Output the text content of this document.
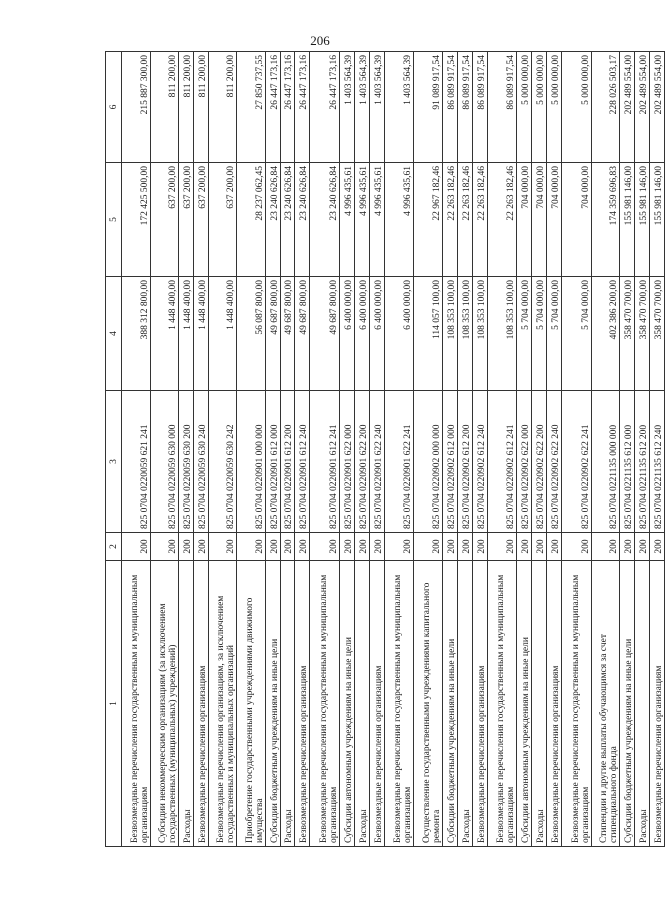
206
1	2	3	4	5	6
Безвозмездные перечисления государственным и муниципальным организациям	200	825 0704 0220059 621 241	388 312 800,00	172 425 500,00	215 887 300,00
Субсидии некоммерческим организациям (за исключением государственных (муниципальных) учреждений)	200	825 0704 0220059 630 000	1 448 400,00	637 200,00	811 200,00
Расходы	200	825 0704 0220059 630 200	1 448 400,00	637 200,00	811 200,00
Безвозмездные перечисления организациям	200	825 0704 0220059 630 240	1 448 400,00	637 200,00	811 200,00
Безвозмездные перечисления организациям, за исключением государственных и муниципальных организаций	200	825 0704 0220059 630 242	1 448 400,00	637 200,00	811 200,00
Приобретение государственными учреждениями движимого имущества	200	825 0704 0220901 000 000	56 087 800,00	28 237 062,45	27 850 737,55
Субсидии бюджетным учреждениям на иные цели	200	825 0704 0220901 612 000	49 687 800,00	23 240 626,84	26 447 173,16
Расходы	200	825 0704 0220901 612 200	49 687 800,00	23 240 626,84	26 447 173,16
Безвозмездные перечисления организациям	200	825 0704 0220901 612 240	49 687 800,00	23 240 626,84	26 447 173,16
Безвозмездные перечисления государственным и муниципальным организациям	200	825 0704 0220901 612 241	49 687 800,00	23 240 626,84	26 447 173,16
Субсидии автономным учреждениям на иные цели	200	825 0704 0220901 622 000	6 400 000,00	4 996 435,61	1 403 564,39
Расходы	200	825 0704 0220901 622 200	6 400 000,00	4 996 435,61	1 403 564,39
Безвозмездные перечисления организациям	200	825 0704 0220901 622 240	6 400 000,00	4 996 435,61	1 403 564,39
Безвозмездные перечисления государственным и муниципальным организациям	200	825 0704 0220901 622 241	6 400 000,00	4 996 435,61	1 403 564,39
Осуществление государственными учреждениями капитального ремонта	200	825 0704 0220902 000 000	114 057 100,00	22 967 182,46	91 089 917,54
Субсидии бюджетным учреждениям на иные цели	200	825 0704 0220902 612 000	108 353 100,00	22 263 182,46	86 089 917,54
Расходы	200	825 0704 0220902 612 200	108 353 100,00	22 263 182,46	86 089 917,54
Безвозмездные перечисления организациям	200	825 0704 0220902 612 240	108 353 100,00	22 263 182,46	86 089 917,54
Безвозмездные перечисления государственным и муниципальным организациям	200	825 0704 0220902 612 241	108 353 100,00	22 263 182,46	86 089 917,54
Субсидии автономным учреждениям на иные цели	200	825 0704 0220902 622 000	5 704 000,00	704 000,00	5 000 000,00
Расходы	200	825 0704 0220902 622 200	5 704 000,00	704 000,00	5 000 000,00
Безвозмездные перечисления организациям	200	825 0704 0220902 622 240	5 704 000,00	704 000,00	5 000 000,00
Безвозмездные перечисления государственным и муниципальным организациям	200	825 0704 0220902 622 241	5 704 000,00	704 000,00	5 000 000,00
Стипендии и другие выплаты обучающимся за счет стипендиального фонда	200	825 0704 0221135 000 000	402 386 200,00	174 359 696,83	228 026 503,17
Субсидии бюджетным учреждениям на иные цели	200	825 0704 0221135 612 000	358 470 700,00	155 981 146,00	202 489 554,00
Расходы	200	825 0704 0221135 612 200	358 470 700,00	155 981 146,00	202 489 554,00
Безвозмездные перечисления организациям	200	825 0704 0221135 612 240	358 470 700,00	155 981 146,00	202 489 554,00
